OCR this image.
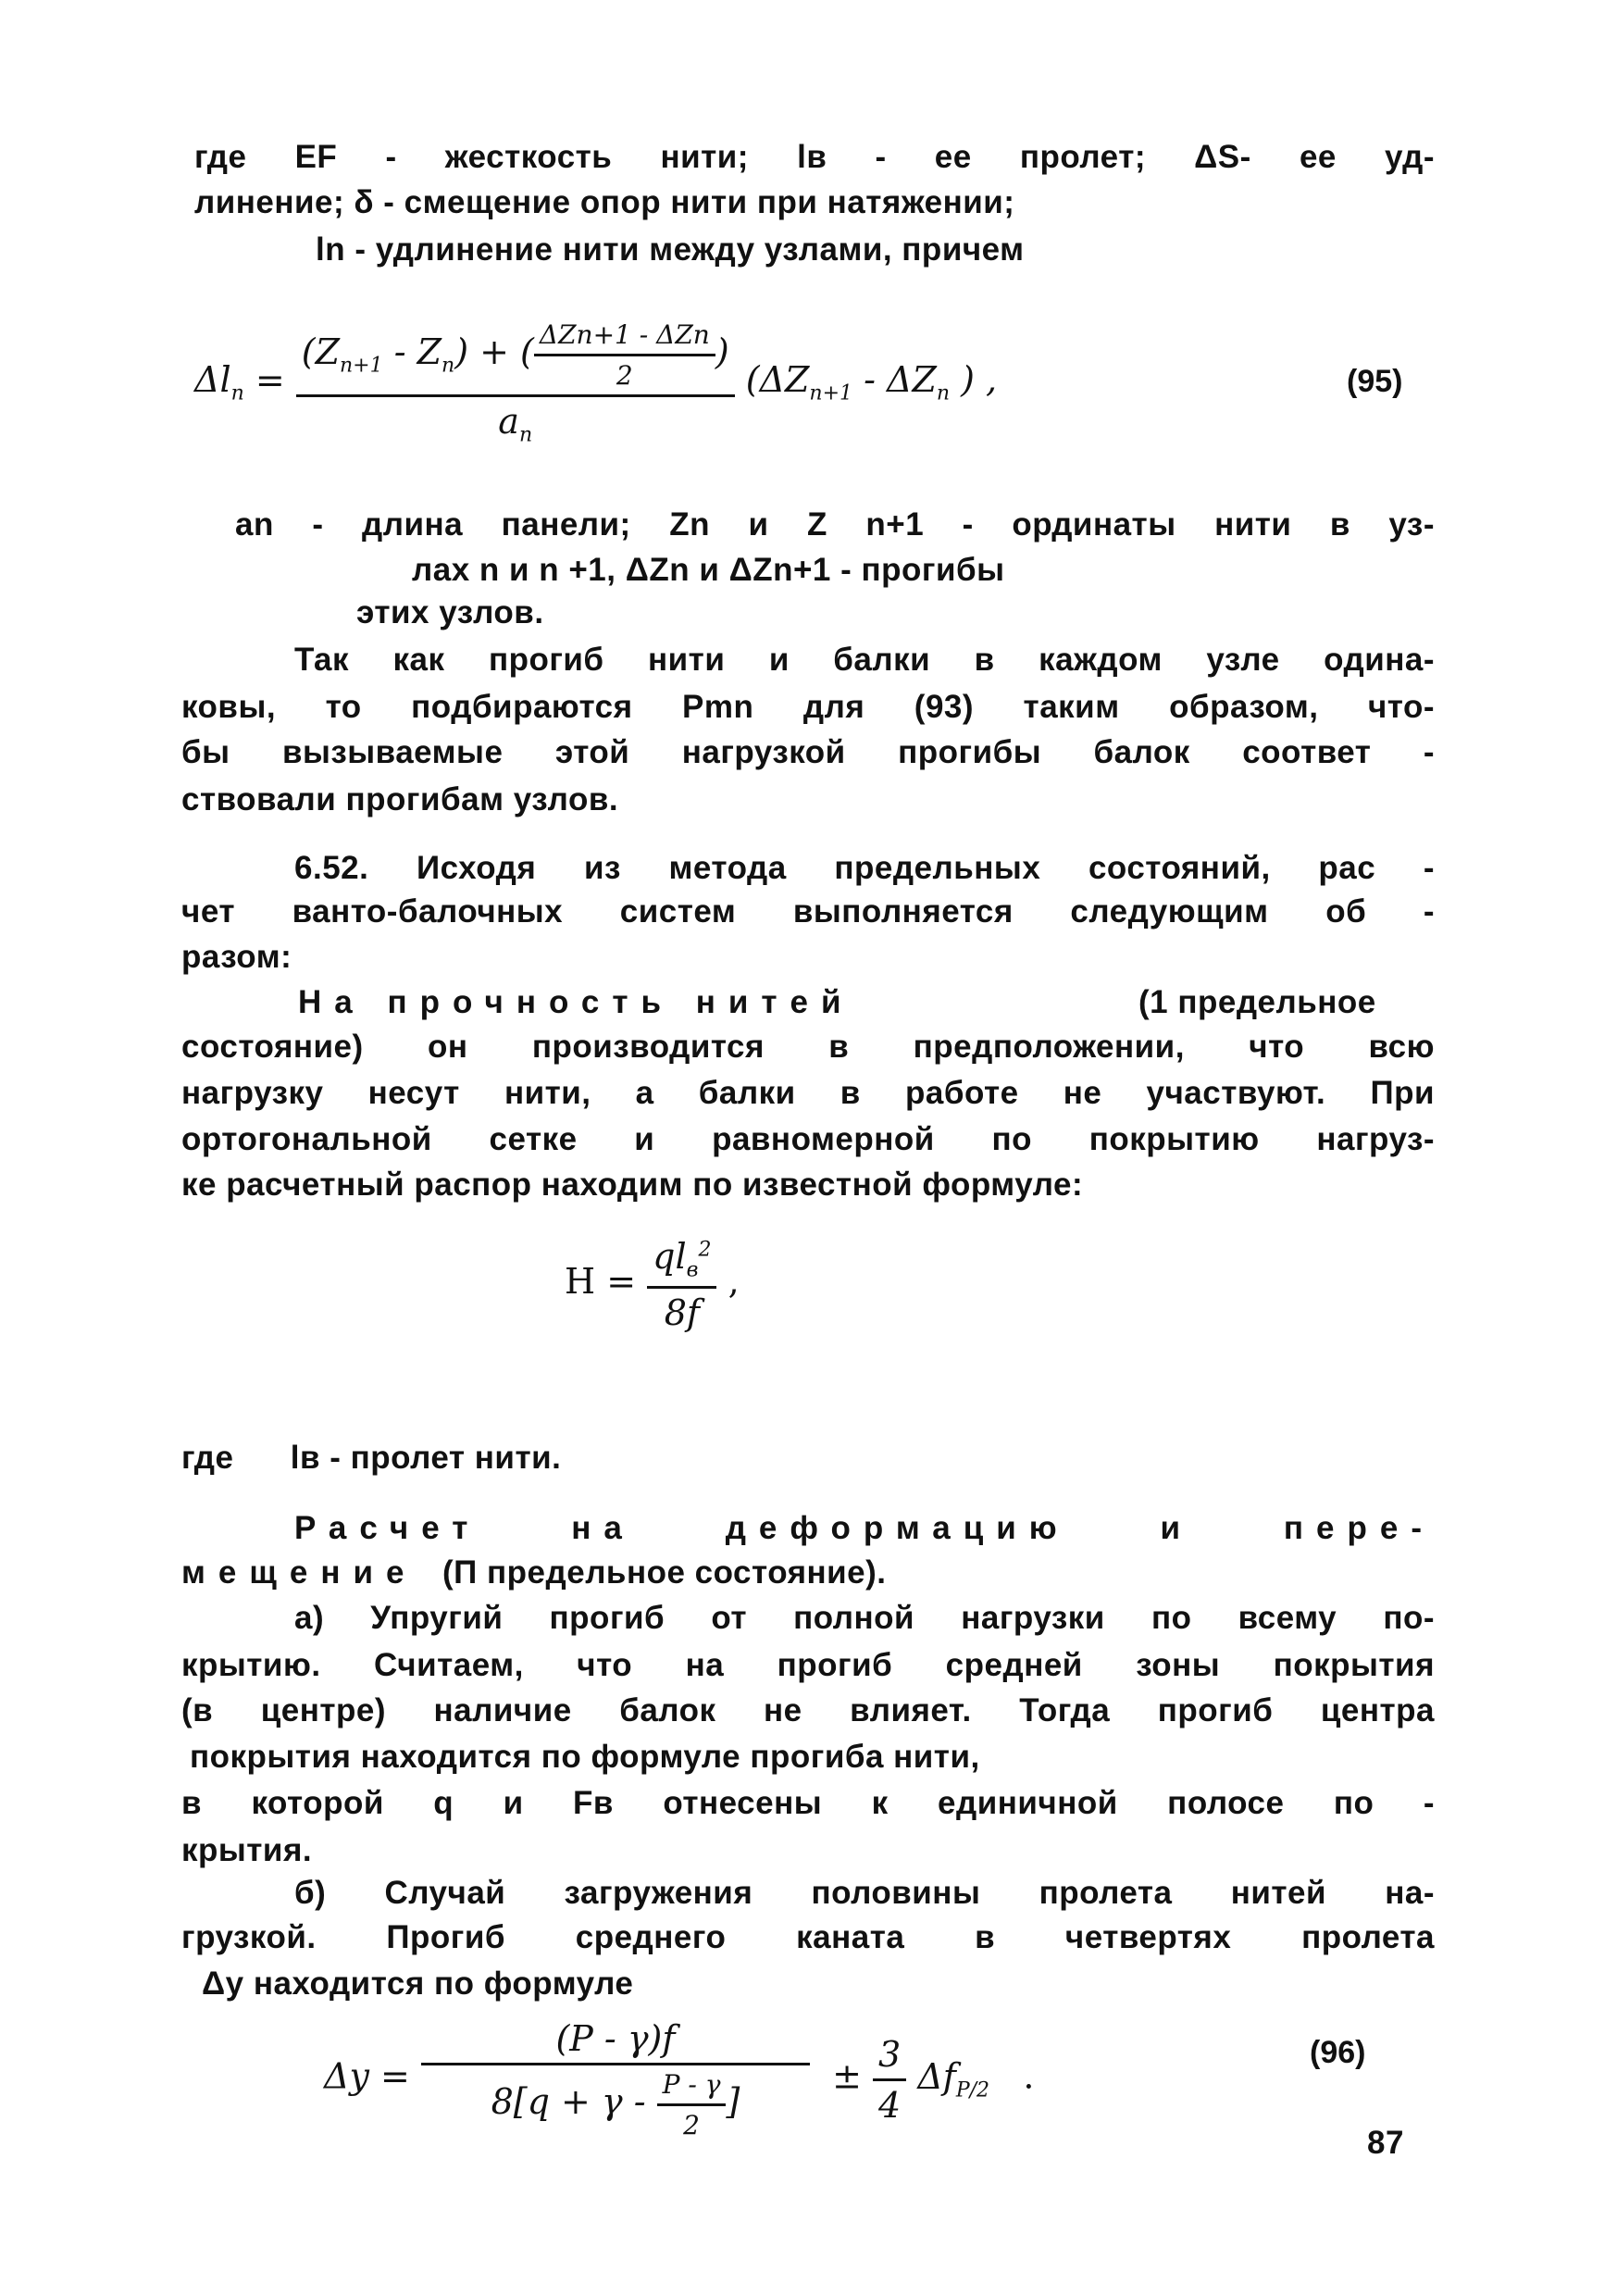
где EF - жесткость нити; lв - ее пролет; ΔS- ее уд-
линение; δ - смещение опор нити при натяжении;
ln - удлинение нити между узлами, причем
$\Delta l_n = \frac{(Z_{n+1} - Z_n) + ( \frac{\text{ΔZn+1 - ΔZn}}{2} )}{a_n} (\Delta Z_{n+1} - \Delta Z_n$ ) ,	(95)
an - длина панели; Zn и Z n+1 - ординаты нити в уз-
лах n и n +1, ΔZn и ΔZn+1 - прогибы
этих узлов.
Так как прогиб нити и балки в каждом узле одина-
ковы, то подбираются Pmn для (93) таким образом, что-
бы вызываемые этой нагрузкой прогибы балок соответ -
ствовали прогибам узлов.
6.52. Исходя из метода предельных состояний, рас -
чет ванто-балочных систем выполняется следующим об -
разом:
На прочность нитей	(1 предельное
состояние) он производится в предположении, что всю
нагрузку несут нити, а балки в работе не участвуют. При
ортогональной сетке и равномерной по покрытию нагруз-
ке расчетный распор находим по известной формуле:
$H = \frac{ql_в^2}{8f}$ ,
где      lв - пролет нити.
Расчет на деформацию и пере-
мещение (П предельное состояние).
а) Упругий прогиб от полной нагрузки по всему по-
крытию. Считаем, что на прогиб средней зоны покрытия
(в центре) наличие балок не влияет. Тогда прогиб центра
покрытия находится по формуле прогиба нити,
в которой q и Fв отнесены к единичной полосе по -
крытия.
б) Случай загружения половины пролета нитей на-
грузкой. Прогиб среднего каната в четвертях пролета
Δy находится по формуле
$\Delta y = \frac{(P - \gamma)f}{8[q + \gamma - \frac{P - \gamma}{2} ]} \pm \frac{3}{4} \Delta f_{P/2}$ .
(96)
87
